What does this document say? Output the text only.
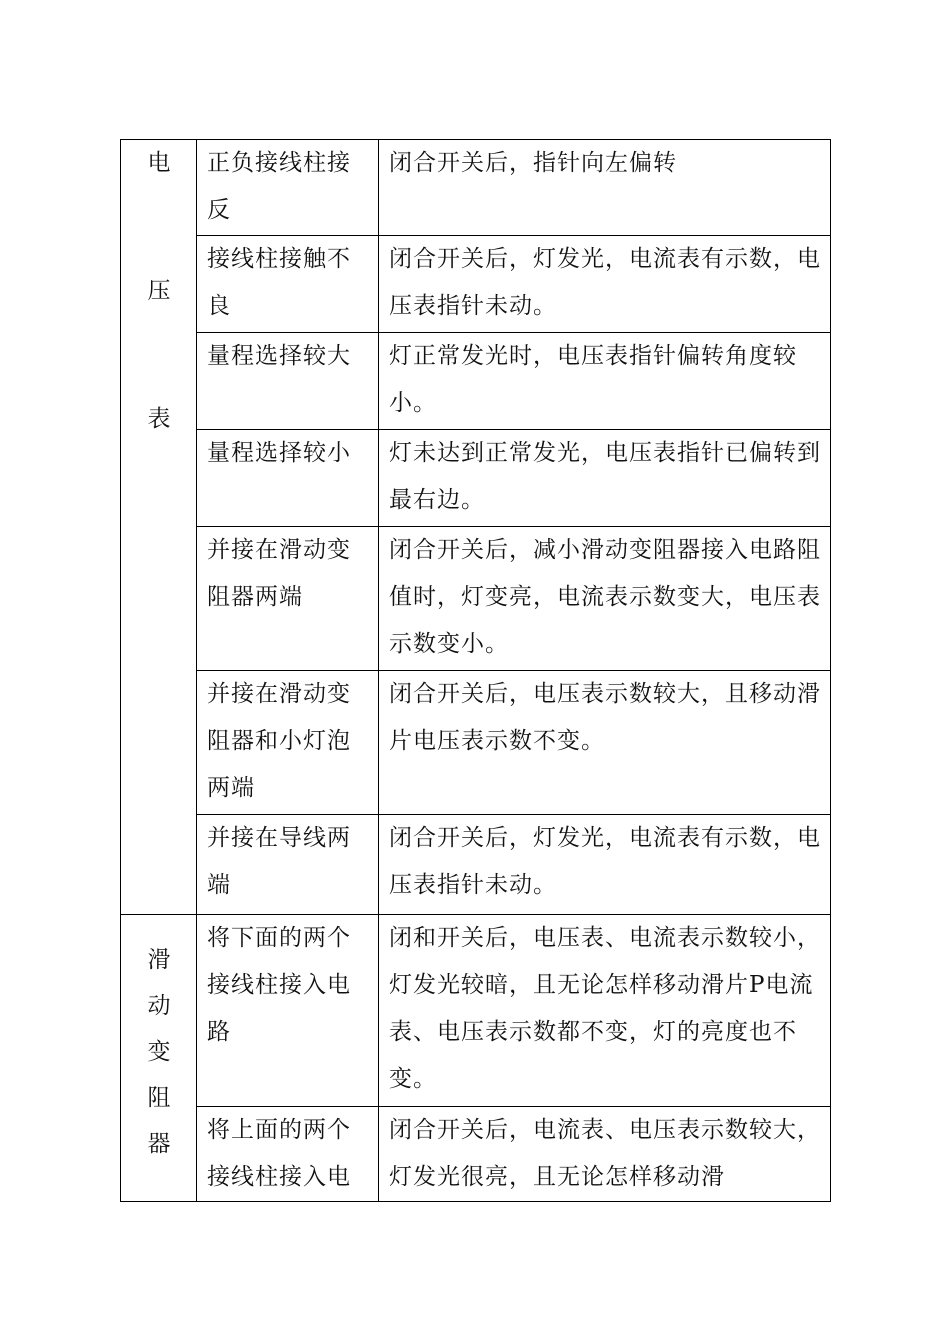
电
压
表	正负接线柱接反	闭合开关后，指针向左偏转
	接线柱接触不良	闭合开关后，灯发光，电流表有示数，电压表指针未动。
	量程选择较大	灯正常发光时，电压表指针偏转角度较小。
	量程选择较小	灯未达到正常发光，电压表指针已偏转到最右边。
	并接在滑动变阻器两端	闭合开关后，减小滑动变阻器接入电路阻值时，灯变亮，电流表示数变大，电压表示数变小。
	并接在滑动变阻器和小灯泡两端	闭合开关后，电压表示数较大，且移动滑片电压表示数不变。
	并接在导线两端	闭合开关后，灯发光，电流表有示数，电压表指针未动。

滑
动
变
阻
器	将下面的两个接线柱接入电路	闭和开关后，电压表、电流表示数较小，灯发光较暗，且无论怎样移动滑片P电流表、电压表示数都不变，灯的亮度也不变。
	将上面的两个接线柱接入电	闭合开关后，电流表、电压表示数较大，灯发光很亮，且无论怎样移动滑
